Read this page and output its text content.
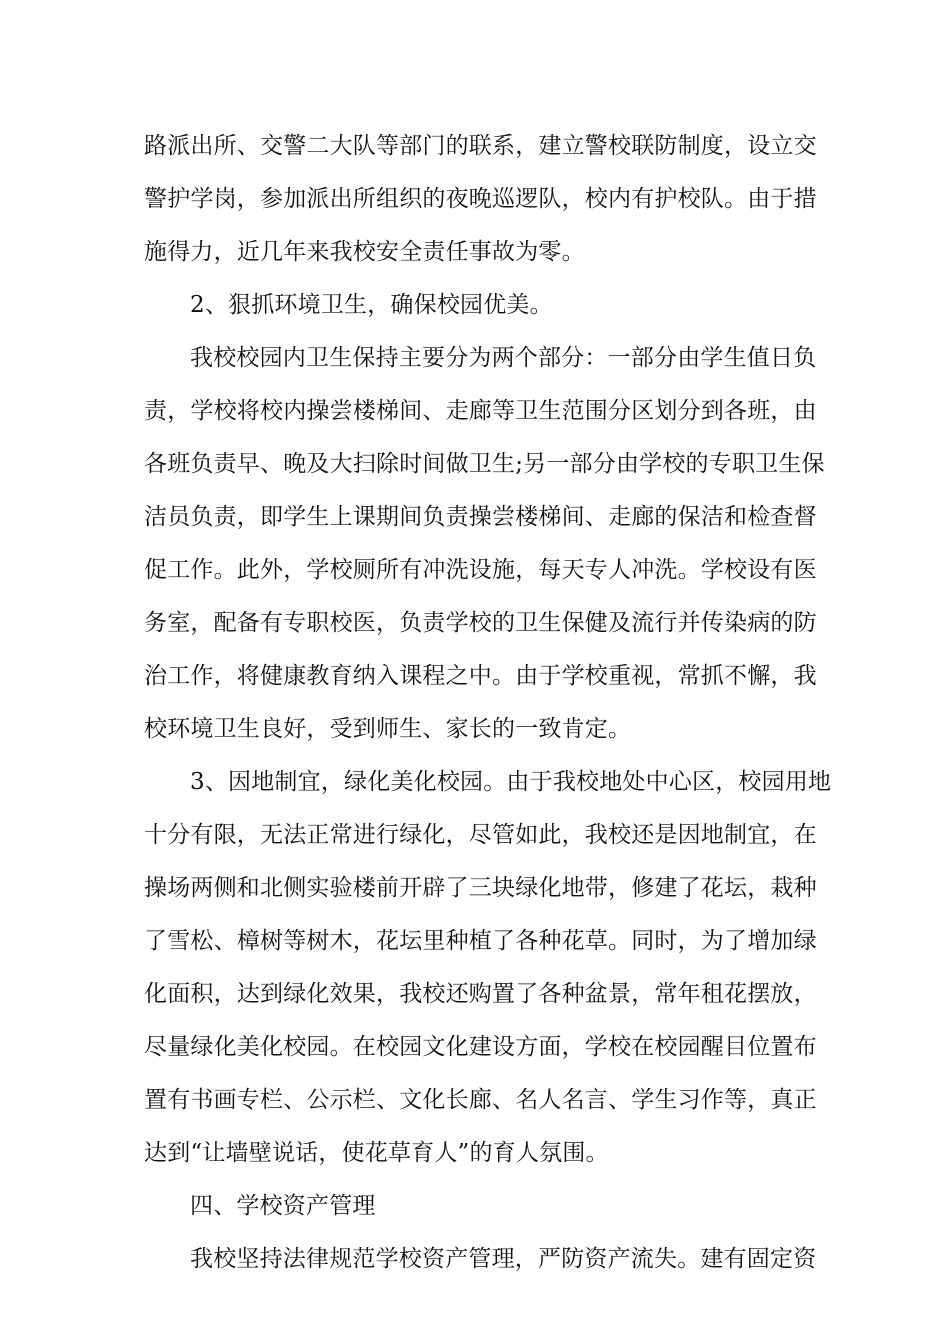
路派出所、交警二大队等部门的联系，建立警校联防制度，设立交
警护学岗，参加派出所组织的夜晚巡逻队，校内有护校队。由于措
施得力，近几年来我校安全责任事故为零。

2、狠抓环境卫生，确保校园优美。

我校校园内卫生保持主要分为两个部分：一部分由学生值日负
责，学校将校内操尝楼梯间、走廊等卫生范围分区划分到各班，由
各班负责早、晚及大扫除时间做卫生;另一部分由学校的专职卫生保
洁员负责，即学生上课期间负责操尝楼梯间、走廊的保洁和检查督
促工作。此外，学校厕所有冲洗设施，每天专人冲洗。学校设有医
务室，配备有专职校医，负责学校的卫生保健及流行并传染病的防
治工作，将健康教育纳入课程之中。由于学校重视，常抓不懈，我
校环境卫生良好，受到师生、家长的一致肯定。

3、因地制宜，绿化美化校园。由于我校地处中心区，校园用地
十分有限，无法正常进行绿化，尽管如此，我校还是因地制宜，在
操场两侧和北侧实验楼前开辟了三块绿化地带，修建了花坛，栽种
了雪松、樟树等树木，花坛里种植了各种花草。同时，为了增加绿
化面积，达到绿化效果，我校还购置了各种盆景，常年租花摆放，
尽量绿化美化校园。在校园文化建设方面，学校在校园醒目位置布
置有书画专栏、公示栏、文化长廊、名人名言、学生习作等，真正
达到“让墙壁说话，使花草育人”的育人氛围。

四、学校资产管理

我校坚持法律规范学校资产管理，严防资产流失。建有固定资
